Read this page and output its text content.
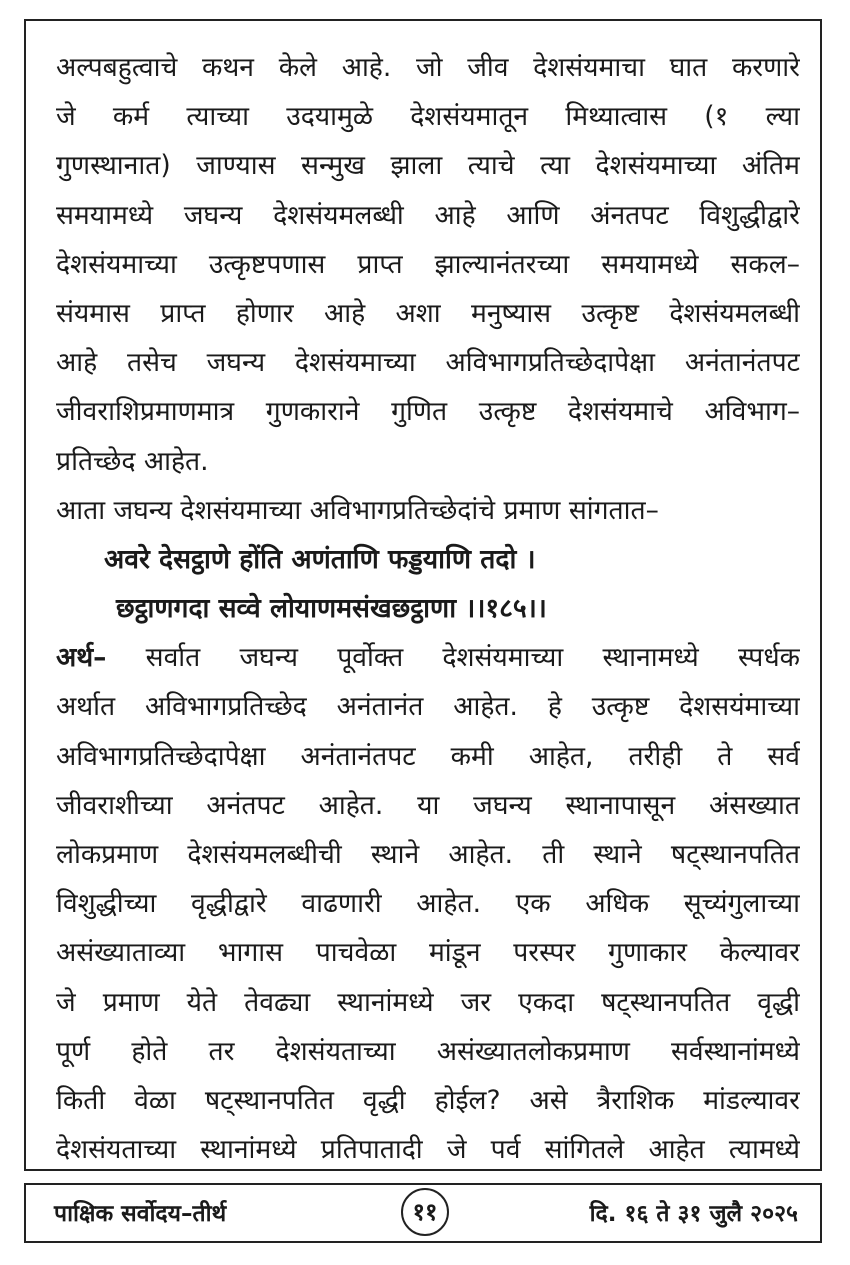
अल्पबहुत्वाचे कथन केले आहे. जो जीव देशसंयमाचा घात करणारे
जे कर्म त्याच्या उदयामुळे देशसंयमातून मिथ्यात्वास (१ ल्या
गुणस्थानात) जाण्यास सन्मुख झाला त्याचे त्या देशसंयमाच्या अंतिम
समयामध्ये जघन्य देशसंयमलब्धी आहे आणि अंनतपट विशुद्धीद्वारे
देशसंयमाच्या उत्कृष्टपणास प्राप्त झाल्यानंतरच्या समयामध्ये सकल–
संयमास प्राप्त होणार आहे अशा मनुष्यास उत्कृष्ट देशसंयमलब्धी
आहे तसेच जघन्य देशसंयमाच्या अविभागप्रतिच्छेदापेक्षा अनंतानंतपट
जीवराशिप्रमाणमात्र गुणकाराने गुणित उत्कृष्ट देशसंयमाचे अविभाग–
प्रतिच्छेद आहेत.
आता जघन्य देशसंयमाच्या अविभागप्रतिच्छेदांचे प्रमाण सांगतात–
अवरे देसट्ठाणे होंति अणंताणि फड्डयाणि तदो ।
छट्ठाणगदा सव्वे लोयाणमसंखछट्ठाणा ।।१८५।।
अर्थ– सर्वात जघन्य पूर्वोक्त देशसंयमाच्या स्थानामध्ये स्पर्धक
अर्थात अविभागप्रतिच्छेद अनंतानंत आहेत. हे उत्कृष्ट देशसयंमाच्या
अविभागप्रतिच्छेदापेक्षा अनंतानंतपट कमी आहेत, तरीही ते सर्व
जीवराशीच्या अनंतपट आहेत. या जघन्य स्थानापासून अंसख्यात
लोकप्रमाण देशसंयमलब्धीची स्थाने आहेत. ती स्थाने षट्स्थानपतित
विशुद्धीच्या वृद्धीद्वारे वाढणारी आहेत. एक अधिक सूच्यंगुलाच्या
असंख्याताव्या भागास पाचवेळा मांडून परस्पर गुणाकार केल्यावर
जे प्रमाण येते तेवढ्या स्थानांमध्ये जर एकदा षट्स्थानपतित वृद्धी
पूर्ण होते तर देशसंयताच्या असंख्यातलोकप्रमाण सर्वस्थानांमध्ये
किती वेळा षट्स्थानपतित वृद्धी होईल? असे त्रैराशिक मांडल्यावर
देशसंयताच्या स्थानांमध्ये प्रतिपातादी जे पर्व सांगितले आहेत त्यामध्ये
पाक्षिक सर्वोदय–तीर्थ	११	दि. १६ ते ३१ जुलै २०२५
